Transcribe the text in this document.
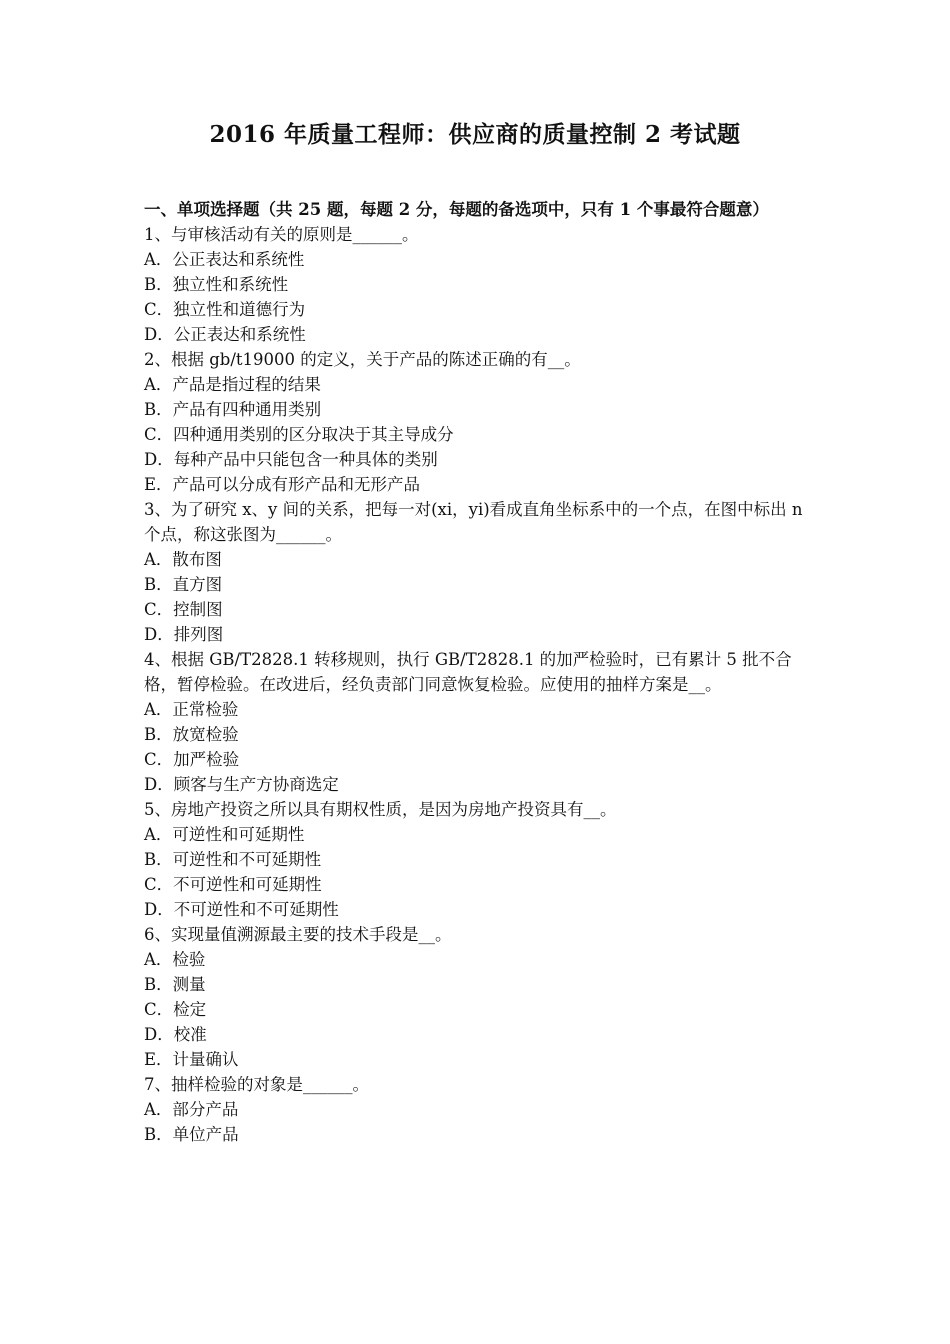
2016 年质量工程师：供应商的质量控制 2 考试题

一、单项选择题（共 25 题，每题 2 分，每题的备选项中，只有 1 个事最符合题意）

1、与审核活动有关的原则是______。

A．公正表达和系统性

B．独立性和系统性

C．独立性和道德行为

D．公正表达和系统性

2、根据 gb/t19000 的定义，关于产品的陈述正确的有__。

A．产品是指过程的结果

B．产品有四种通用类别

C．四种通用类别的区分取决于其主导成分

D．每种产品中只能包含一种具体的类别

E．产品可以分成有形产品和无形产品

3、为了研究 x、y 间的关系，把每一对(xi，yi)看成直角坐标系中的一个点，在图中标出 n 个点，称这张图为______。

A．散布图

B．直方图

C．控制图

D．排列图

4、根据 GB/T2828.1 转移规则，执行 GB/T2828.1 的加严检验时，已有累计 5 批不合格，暂停检验。在改进后，经负责部门同意恢复检验。应使用的抽样方案是__。

A．正常检验

B．放宽检验

C．加严检验

D．顾客与生产方协商选定

5、房地产投资之所以具有期权性质，是因为房地产投资具有__。

A．可逆性和可延期性

B．可逆性和不可延期性

C．不可逆性和可延期性

D．不可逆性和不可延期性

6、实现量值溯源最主要的技术手段是__。

A．检验

B．测量

C．检定

D．校准

E．计量确认

7、抽样检验的对象是______。

A．部分产品

B．单位产品
